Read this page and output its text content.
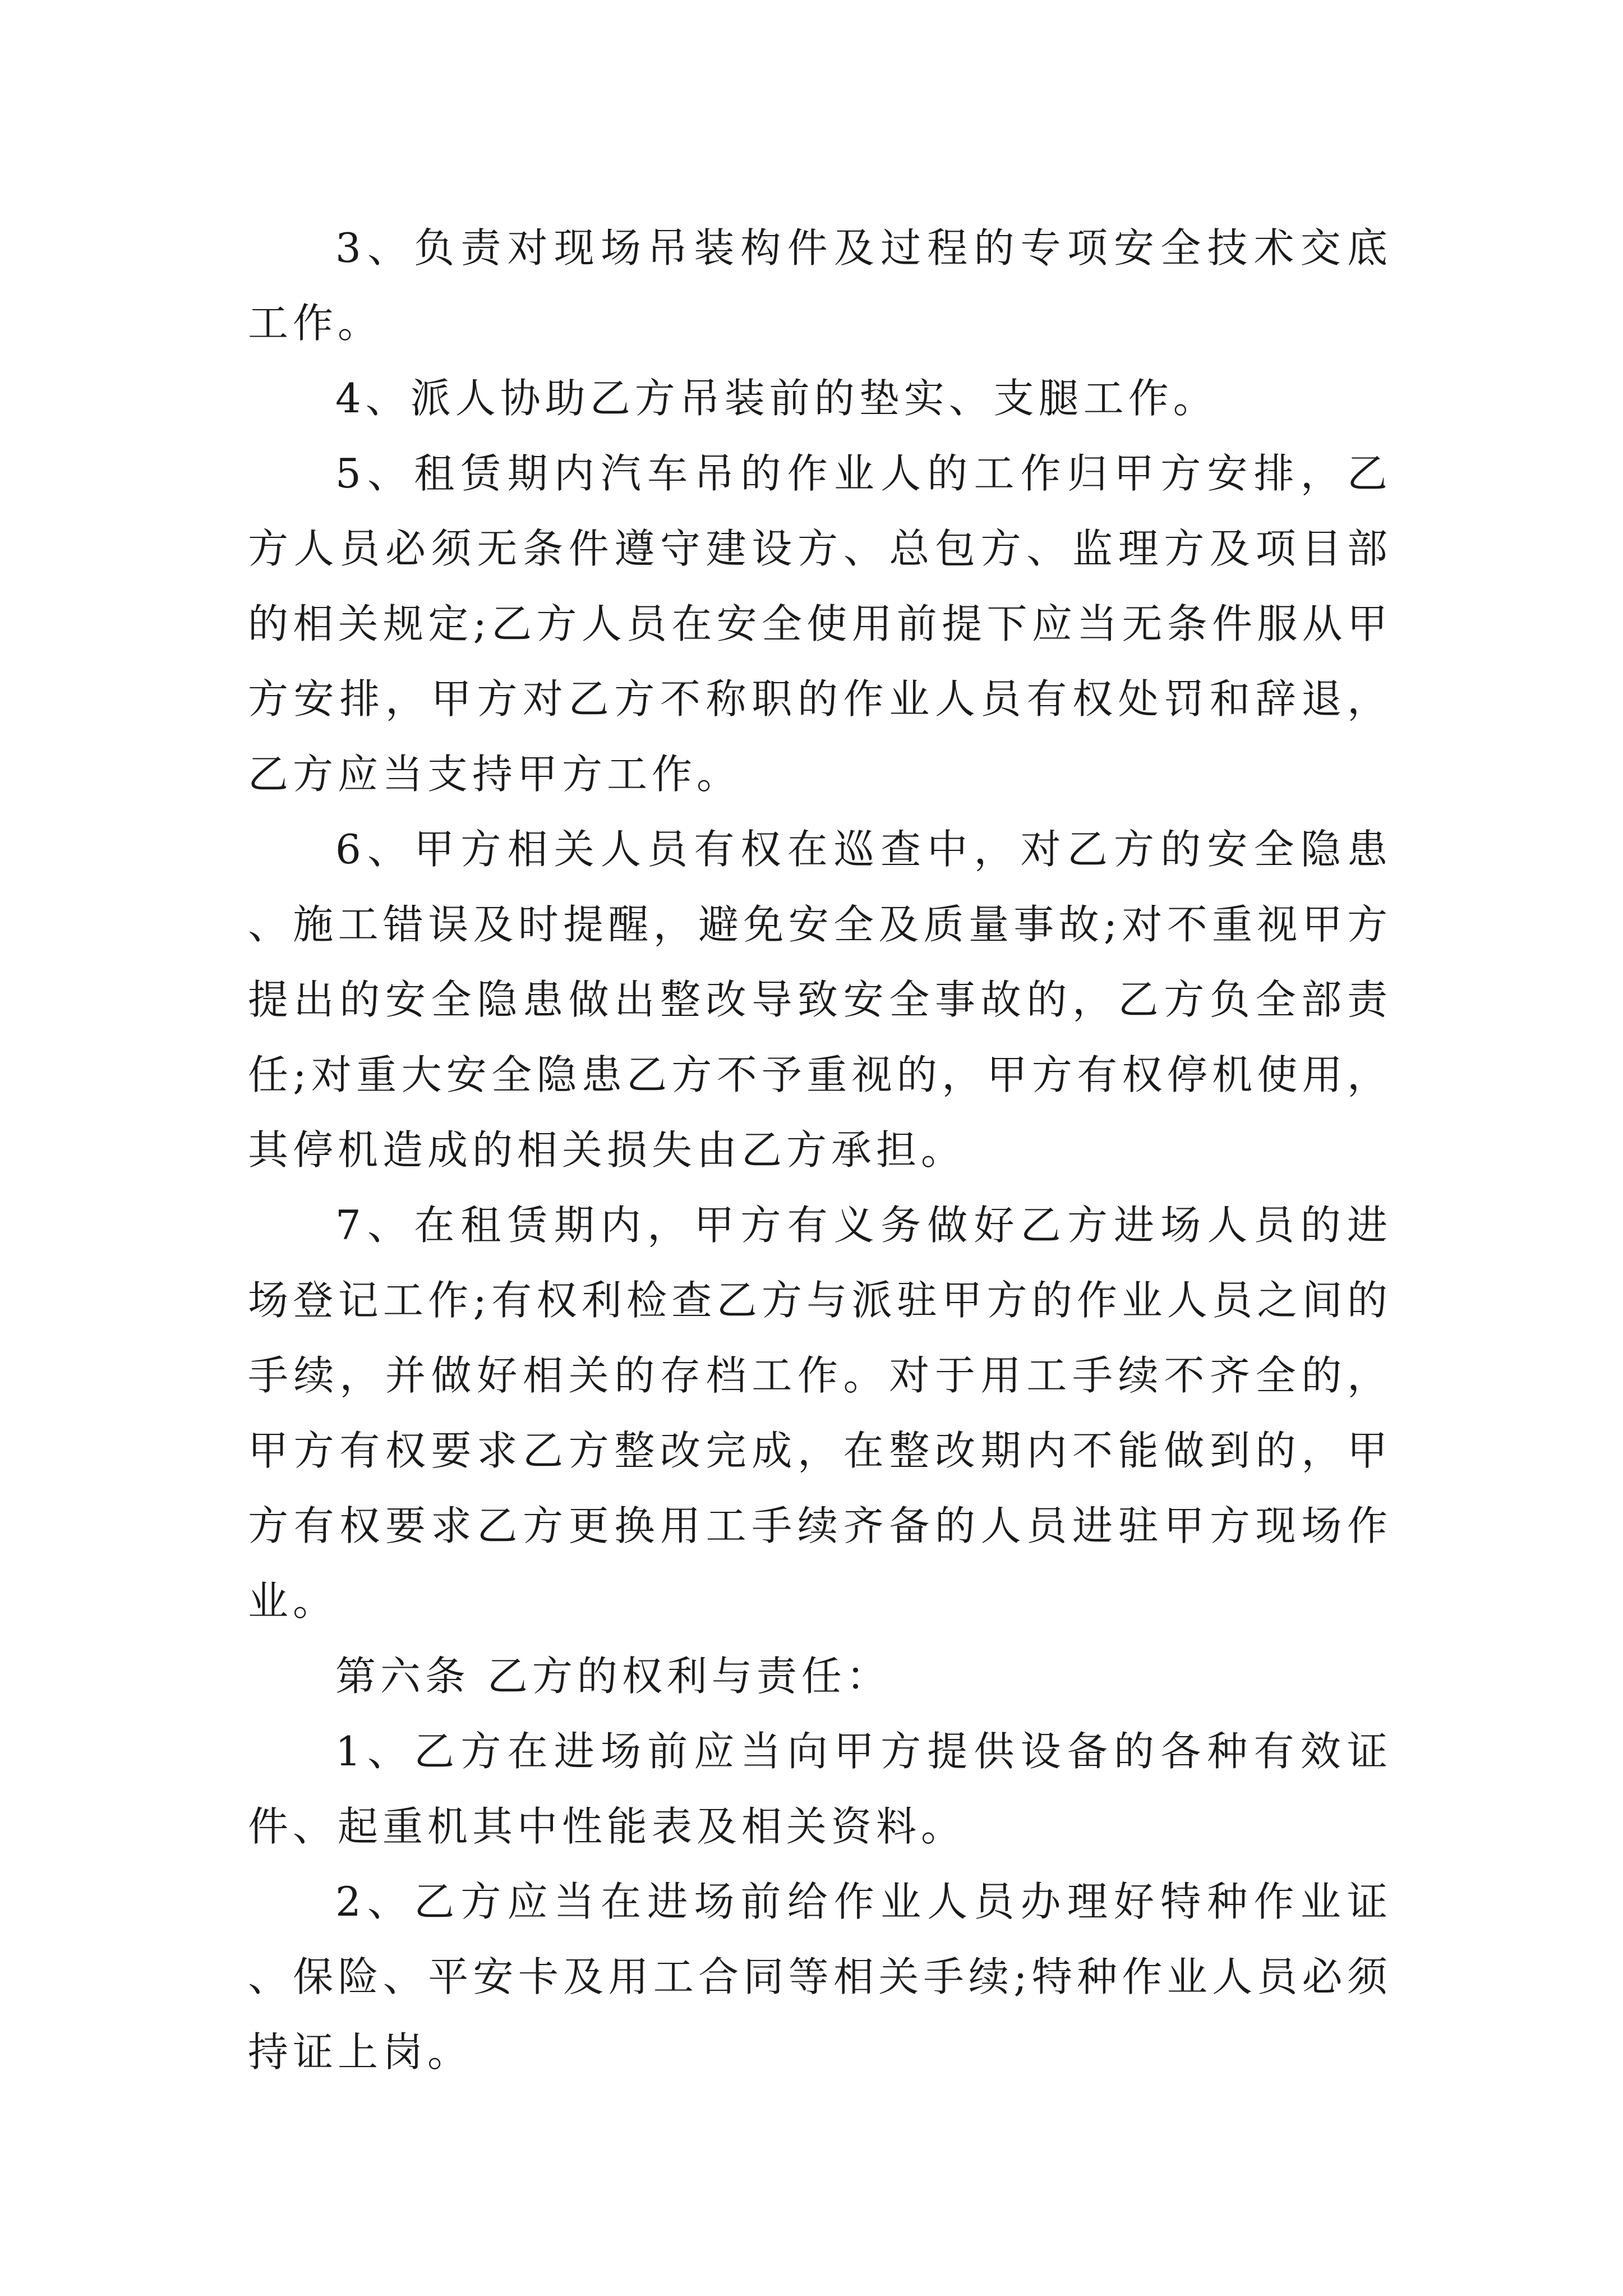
3、负责对现场吊装构件及过程的专项安全技术交底工作。

4、派人协助乙方吊装前的垫实、支腿工作。

5、租赁期内汽车吊的作业人的工作归甲方安排，乙方人员必须无条件遵守建设方、总包方、监理方及项目部的相关规定;乙方人员在安全使用前提下应当无条件服从甲方安排，甲方对乙方不称职的作业人员有权处罚和辞退，乙方应当支持甲方工作。

6、甲方相关人员有权在巡查中，对乙方的安全隐患、施工错误及时提醒，避免安全及质量事故;对不重视甲方提出的安全隐患做出整改导致安全事故的，乙方负全部责任;对重大安全隐患乙方不予重视的，甲方有权停机使用，其停机造成的相关损失由乙方承担。

7、在租赁期内，甲方有义务做好乙方进场人员的进场登记工作;有权利检查乙方与派驻甲方的作业人员之间的手续，并做好相关的存档工作。对于用工手续不齐全的，甲方有权要求乙方整改完成，在整改期内不能做到的，甲方有权要求乙方更换用工手续齐备的人员进驻甲方现场作业。

第六条 乙方的权利与责任：

1、乙方在进场前应当向甲方提供设备的各种有效证件、起重机其中性能表及相关资料。

2、乙方应当在进场前给作业人员办理好特种作业证、保险、平安卡及用工合同等相关手续;特种作业人员必须持证上岗。
